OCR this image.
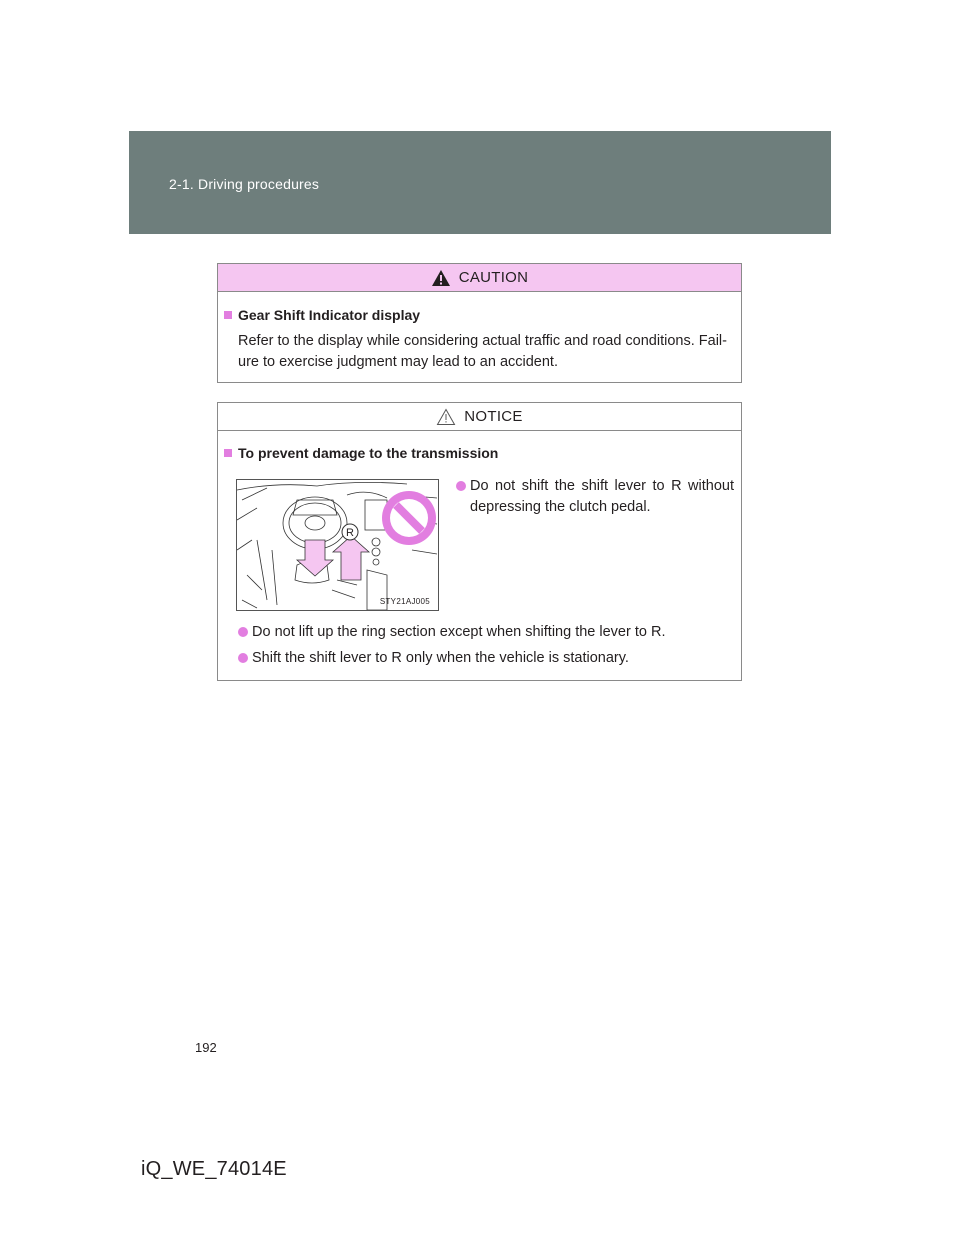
2-1. Driving procedures
CAUTION
Gear Shift Indicator display
Refer to the display while considering actual traffic and road conditions. Fail-
ure to exercise judgment may lead to an accident.
NOTICE
To prevent damage to the transmission
R
STY21AJ005
Do not shift the shift lever to R without
depressing the clutch pedal.
Do not lift up the ring section except when shifting the lever to R.
Shift the shift lever to R only when the vehicle is stationary.
192
iQ_WE_74014E
